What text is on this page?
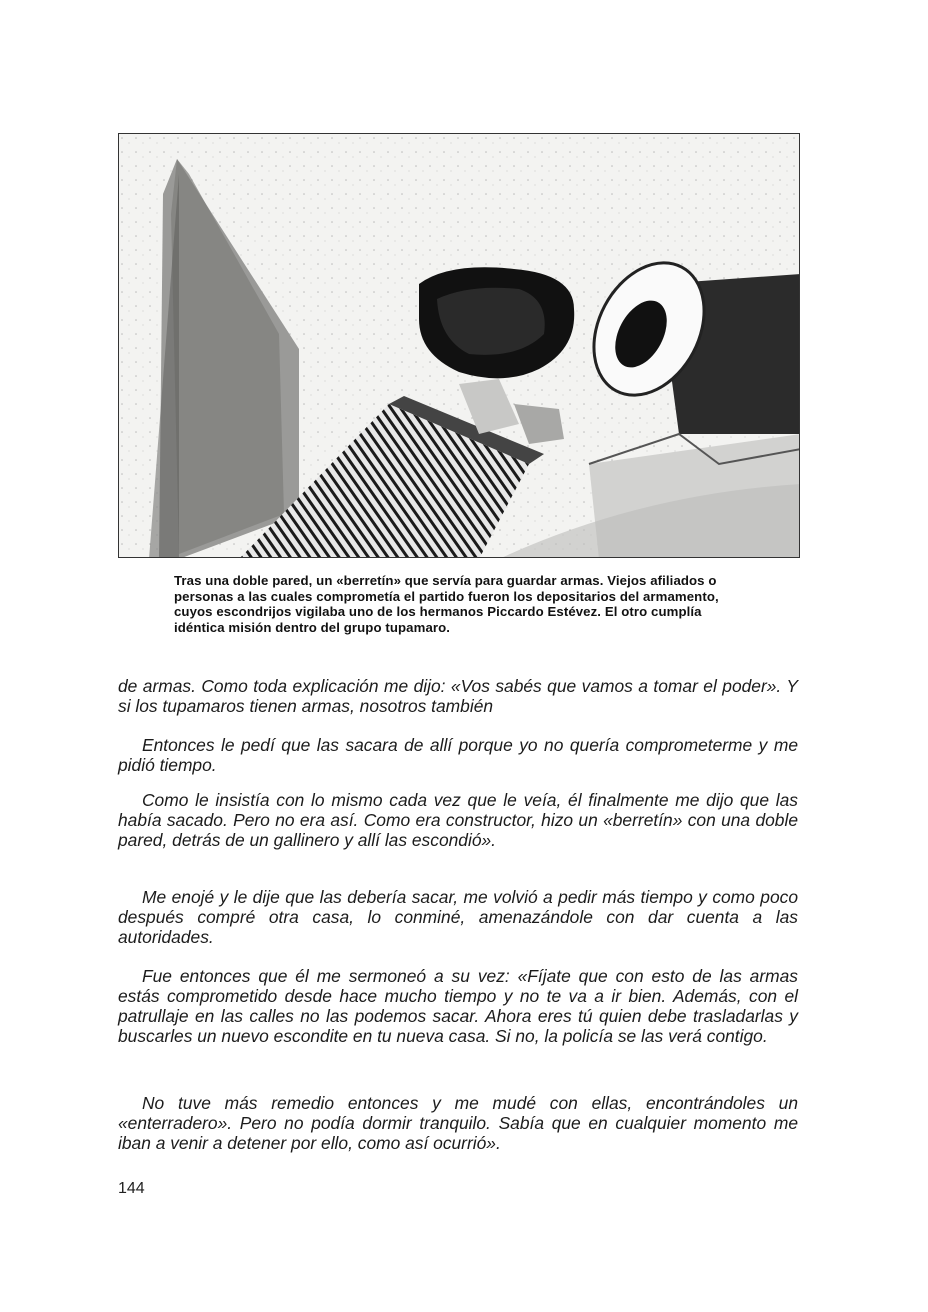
Tras una doble pared, un «berretín» que servía para guardar armas. Viejos afiliados o personas a las cuales comprometía el partido fueron los depositarios del armamento, cuyos escondrijos vigilaba uno de los hermanos Piccardo Estévez. El otro cumplía idéntica misión dentro del grupo tupamaro.

de armas. Como toda explicación me dijo: «Vos sabés que vamos a tomar el poder». Y si los tupamaros tienen armas, nosotros también

Entonces le pedí que las sacara de allí porque yo no quería comprometerme y me pidió tiempo.

Como le insistía con lo mismo cada vez que le veía, él finalmente me dijo que las había sacado. Pero no era así. Como era constructor, hizo un «berretín» con una doble pared, detrás de un gallinero y allí las escondió».

Me enojé y le dije que las debería sacar, me volvió a pedir más tiempo y como poco después compré otra casa, lo conminé, amenazándole con dar cuenta a las autoridades.

Fue entonces que él me sermoneó a su vez: «Fíjate que con esto de las armas estás comprometido desde hace mucho tiempo y no te va a ir bien. Además, con el patrullaje en las calles no las podemos sacar. Ahora eres tú quien debe trasladarlas y buscarles un nuevo escondite en tu nueva casa. Si no, la policía se las verá contigo.

No tuve más remedio entonces y me mudé con ellas, encontrándoles un «enterradero». Pero no podía dormir tranquilo. Sabía que en cualquier momento me iban a venir a detener por ello, como así ocurrió».

144
